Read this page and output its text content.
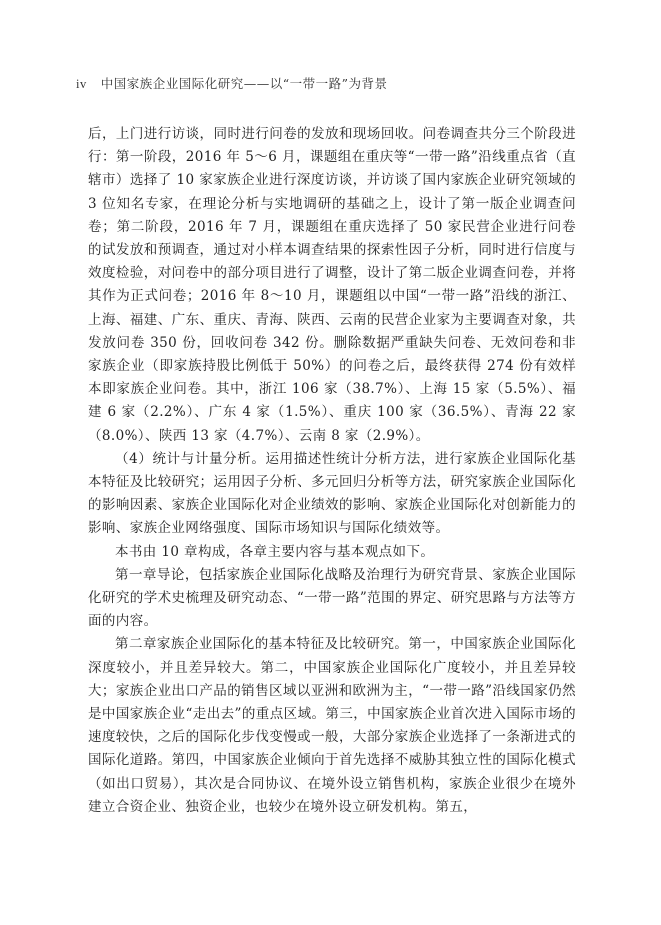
iv 中国家族企业国际化研究——以“一带一路”为背景

后，上门进行访谈，同时进行问卷的发放和现场回收。问卷调查共分三个阶段进行：第一阶段，2016 年 5～6 月，课题组在重庆等“一带一路”沿线重点省（直辖市）选择了 10 家家族企业进行深度访谈，并访谈了国内家族企业研究领域的 3 位知名专家，在理论分析与实地调研的基础之上，设计了第一版企业调查问卷；第二阶段，2016 年 7 月，课题组在重庆选择了 50 家民营企业进行问卷的试发放和预调查，通过对小样本调查结果的探索性因子分析，同时进行信度与效度检验，对问卷中的部分项目进行了调整，设计了第二版企业调查问卷，并将其作为正式问卷；2016 年 8～10 月，课题组以中国“一带一路”沿线的浙江、上海、福建、广东、重庆、青海、陕西、云南的民营企业家为主要调查对象，共发放问卷 350 份，回收问卷 342 份。删除数据严重缺失问卷、无效问卷和非家族企业（即家族持股比例低于 50%）的问卷之后，最终获得 274 份有效样本即家族企业问卷。其中，浙江 106 家（38.7%）、上海 15 家（5.5%）、福建 6 家（2.2%）、广东 4 家（1.5%）、重庆 100 家（36.5%）、青海 22 家（8.0%）、陕西 13 家（4.7%）、云南 8 家（2.9%）。

（4）统计与计量分析。运用描述性统计分析方法，进行家族企业国际化基本特征及比较研究；运用因子分析、多元回归分析等方法，研究家族企业国际化的影响因素、家族企业国际化对企业绩效的影响、家族企业国际化对创新能力的影响、家族企业网络强度、国际市场知识与国际化绩效等。

本书由 10 章构成，各章主要内容与基本观点如下。

第一章导论，包括家族企业国际化战略及治理行为研究背景、家族企业国际化研究的学术史梳理及研究动态、“一带一路”范围的界定、研究思路与方法等方面的内容。

第二章家族企业国际化的基本特征及比较研究。第一，中国家族企业国际化深度较小，并且差异较大。第二，中国家族企业国际化广度较小，并且差异较大；家族企业出口产品的销售区域以亚洲和欧洲为主，“一带一路”沿线国家仍然是中国家族企业“走出去”的重点区域。第三，中国家族企业首次进入国际市场的速度较快，之后的国际化步伐变慢或一般，大部分家族企业选择了一条渐进式的国际化道路。第四，中国家族企业倾向于首先选择不威胁其独立性的国际化模式（如出口贸易），其次是合同协议、在境外设立销售机构，家族企业很少在境外建立合资企业、独资企业，也较少在境外设立研发机构。第五，
